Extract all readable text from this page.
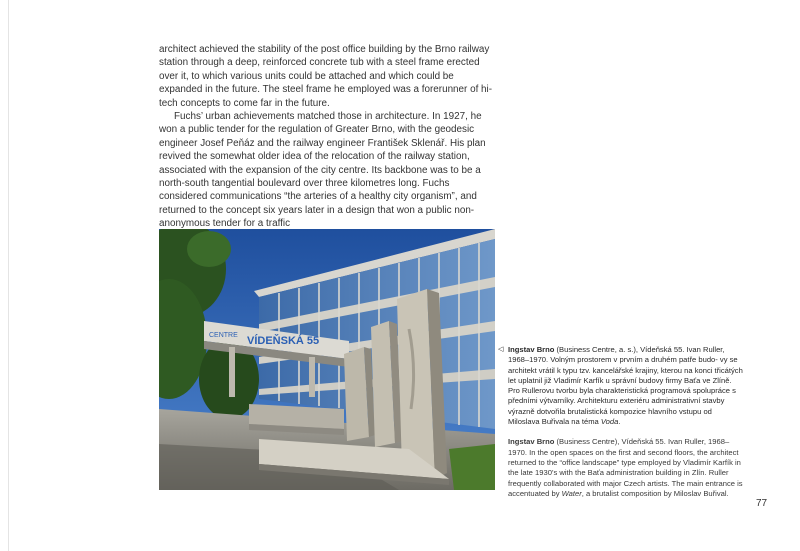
architect achieved the stability of the post office building by the Brno railway station through a deep, reinforced concrete tub with a steel frame erected over it, to which various units could be attached and which could be expanded in the future. The steel frame he employed was a forerunner of hi-tech concepts to come far in the future.

Fuchs’ urban achievements matched those in architecture. In 1927, he won a public tender for the regulation of Greater Brno, with the geodesic engineer Josef Peňáz and the railway engineer František Sklenář. His plan revived the somewhat older idea of the relocation of the railway station, associated with the expansion of the city centre. Its backbone was to be a north-south tangential boulevard over three kilometres long. Fuchs considered communications “the arteries of a healthy city organism”, and returned to the concept six years later in a design that won a public non-anonymous tender for a traffic

CENTRE VÍDEŇSKÁ 55
◁ Ingstav Brno (Business Centre, a. s.), Vídeňská 55. Ivan Ruller, 1968–1970. Volným prostorem v prvním a druhém patře budo- vy se architekt vrátil k typu tzv. kancelářské krajiny, kterou na konci třicátých let uplatnil již Vladimír Karfík u správní budovy firmy Baťa ve Zlíně. Pro Rullerovu tvorbu byla charakteristická programová spolupráce s předními výtvarníky. Architekturu exteriéru administrativní stavby výrazně dotvořila brutalistická kompozice hlavního vstupu od Miloslava Buřivala na téma Voda.
Ingstav Brno (Business Centre), Vídeňská 55. Ivan Ruller, 1968– 1970. In the open spaces on the first and second floors, the architect returned to the “office landscape” type employed by Vladimír Karfík in the late 1930’s with the Baťa administration building in Zlín. Ruller frequently collaborated with major Czech artists. The main entrance is accentuated by Water, a brutalist composition by Miloslav Buřival.
77
